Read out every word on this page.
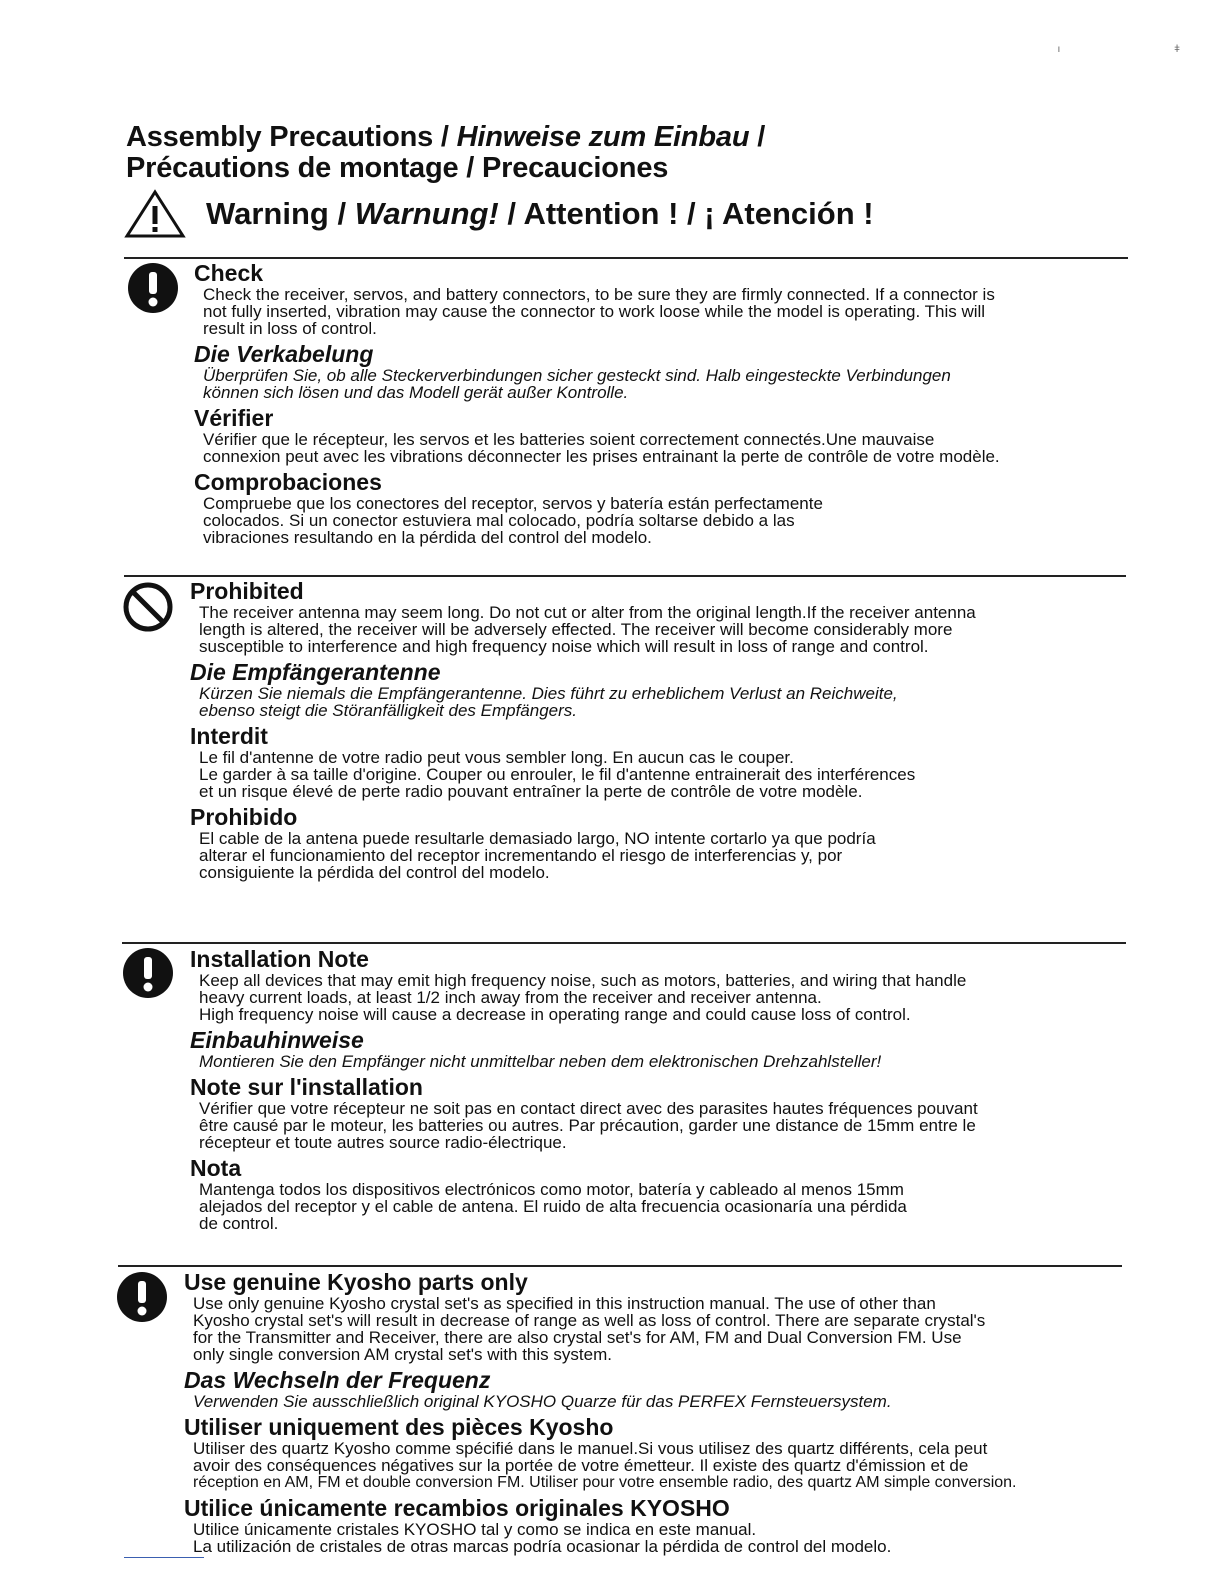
ı                                         ǂ
Assembly Precautions / Hinweise zum Einbau /
Précautions de montage / Precauciones
Warning / Warnung! / Attention ! / ¡ Atención !
Check
Check the receiver, servos, and battery connectors, to be sure they are firmly connected. If a connector is
not fully inserted, vibration may cause the connector to work loose while the model is operating. This will
result in loss of control.
Die Verkabelung
Überprüfen Sie, ob alle Steckerverbindungen sicher gesteckt sind. Halb eingesteckte Verbindungen
können sich lösen und das Modell gerät außer Kontrolle.
Vérifier
Vérifier que le récepteur, les servos et les batteries soient correctement connectés.Une mauvaise
connexion peut avec les vibrations déconnecter les prises entrainant la perte de contrôle de votre modèle.
Comprobaciones
Compruebe que los conectores del receptor, servos y batería están perfectamente
colocados. Si un conector estuviera mal colocado, podría soltarse debido a las
vibraciones resultando en la pérdida del control del modelo.
Prohibited
The receiver antenna may seem long. Do not cut or alter from the original length.If the receiver antenna
length is altered, the receiver will be adversely effected. The receiver will become considerably more
susceptible to interference and high frequency noise which will result in loss of range and control.
Die Empfängerantenne
Kürzen Sie niemals die Empfängerantenne. Dies führt zu erheblichem Verlust an Reichweite,
ebenso steigt die Störanfälligkeit des Empfängers.
Interdit
Le fil d'antenne de votre radio peut vous sembler long. En aucun cas le couper.
Le garder à sa taille d'origine. Couper ou enrouler, le fil d'antenne entrainerait des interférences
et un risque élevé de perte radio pouvant entraîner la perte de contrôle de votre modèle.
Prohibido
El cable de la antena puede resultarle demasiado largo, NO intente cortarlo ya que podría
alterar el funcionamiento del receptor incrementando el riesgo de interferencias y, por
consiguiente la pérdida del control del modelo.
Installation Note
Keep all devices that may emit high frequency noise, such as motors, batteries, and wiring that handle
heavy current loads, at least 1/2 inch away from the receiver and receiver antenna.
High frequency noise will cause a decrease in operating range and could cause loss of control.
Einbauhinweise
Montieren Sie den Empfänger nicht unmittelbar neben dem elektronischen Drehzahlsteller!
Note sur l'installation
Vérifier que votre récepteur ne soit pas en contact direct avec des parasites hautes fréquences pouvant
être causé par le moteur, les batteries ou autres. Par précaution, garder une distance de 15mm entre le
récepteur et toute autres source radio-électrique.
Nota
Mantenga todos los dispositivos electrónicos como motor, batería y cableado al menos 15mm
alejados del receptor y el cable de antena. El ruido de alta frecuencia ocasionaría una pérdida
de control.
Use genuine Kyosho parts only
Use only genuine Kyosho crystal set's as specified in this instruction manual. The use of other than
Kyosho crystal set's will result in decrease of range as well as loss of control. There are separate crystal's
for the Transmitter and Receiver, there are also crystal set's for AM, FM and Dual Conversion FM. Use
only single conversion AM crystal set's with this system.
Das Wechseln der Frequenz
Verwenden Sie ausschließlich original KYOSHO Quarze für das PERFEX Fernsteuersystem.
Utiliser uniquement des pièces Kyosho
Utiliser des quartz Kyosho comme spécifié dans le manuel.Si vous utilisez des quartz différents, cela peut
avoir des conséquences négatives sur la portée de votre émetteur. Il existe des quartz d'émission et de
réception en AM, FM et double conversion FM. Utiliser pour votre ensemble radio, des quartz AM simple conversion.
Utilice únicamente recambios originales KYOSHO
Utilice únicamente cristales KYOSHO tal y como se indica en este manual.
La utilización de cristales de otras marcas podría ocasionar la pérdida de control del modelo.
